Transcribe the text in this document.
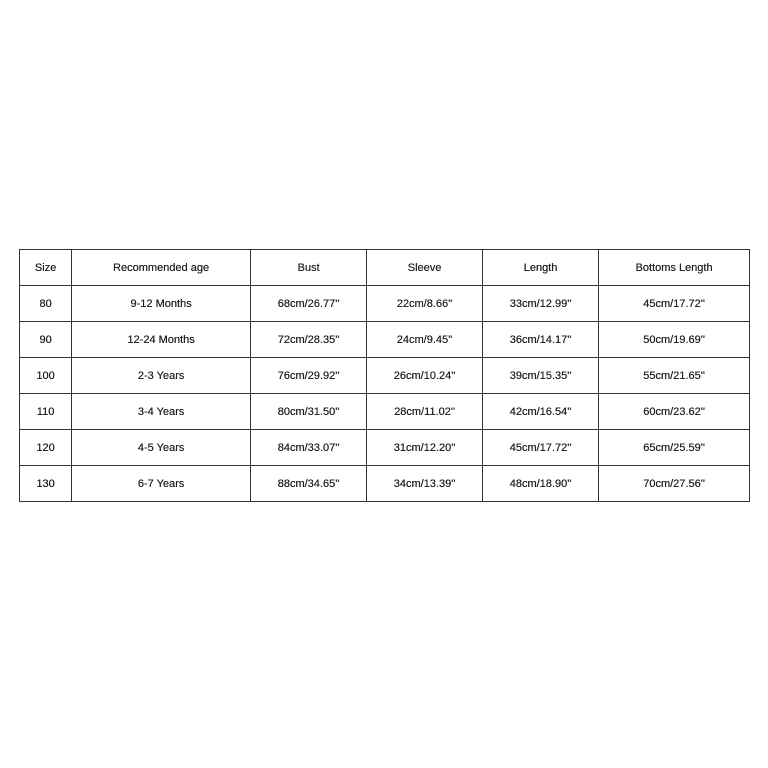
Size	Recommended age	Bust	Sleeve	Length	Bottoms Length
80	9-12 Months	68cm/26.77''	22cm/8.66''	33cm/12.99''	45cm/17.72''
90	12-24 Months	72cm/28.35''	24cm/9.45''	36cm/14.17''	50cm/19.69''
100	2-3 Years	76cm/29.92''	26cm/10.24''	39cm/15.35''	55cm/21.65''
110	3-4 Years	80cm/31.50''	28cm/11.02''	42cm/16.54''	60cm/23.62''
120	4-5 Years	84cm/33.07''	31cm/12.20''	45cm/17.72''	65cm/25.59''
130	6-7 Years	88cm/34.65''	34cm/13.39''	48cm/18.90''	70cm/27.56''
